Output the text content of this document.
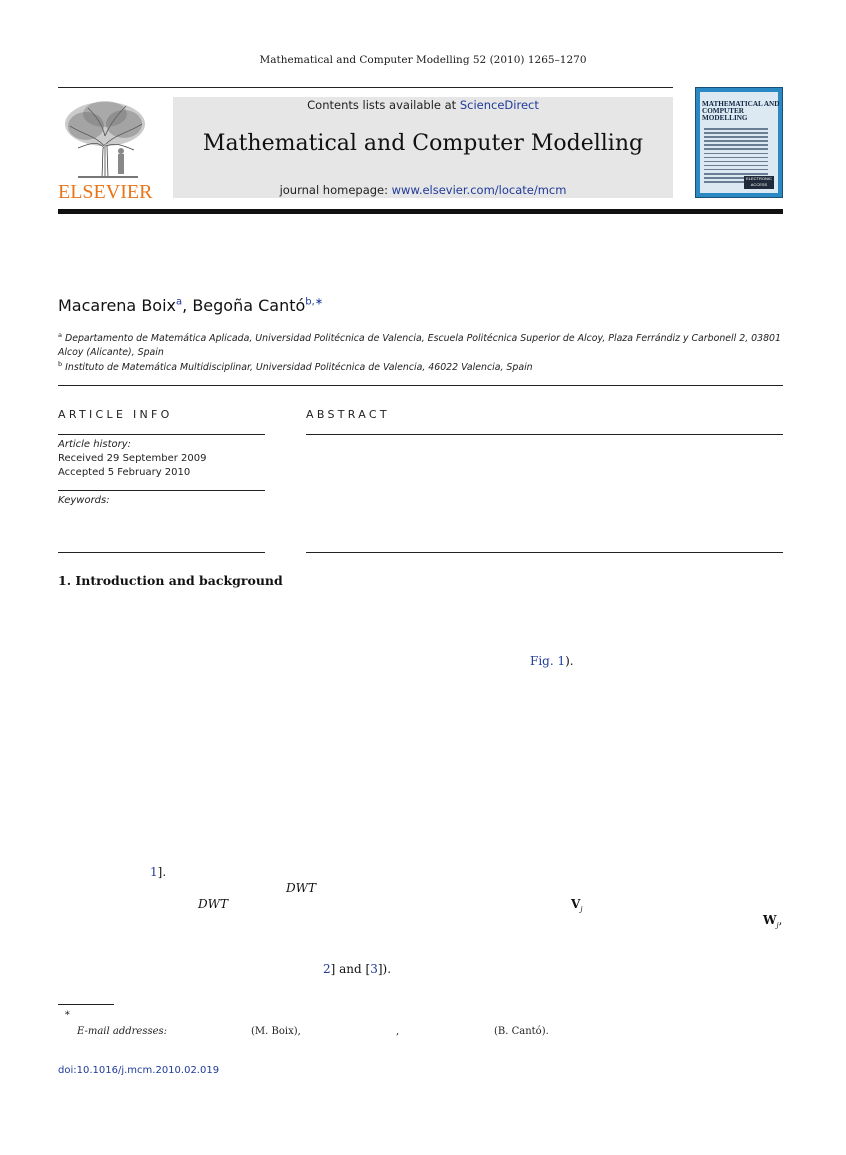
Mathematical and Computer Modelling 52 (2010) 1265–1270
ELSEVIER
Contents lists available at ScienceDirect
Mathematical and Computer Modelling
journal homepage: www.elsevier.com/locate/mcm
MATHEMATICAL AND COMPUTER MODELLING
ELECTRONIC ACCESS
Macarena Boix$^a$, Begoña Cantó$^{b,∗}$
$^a$ Departamento de Matemática Aplicada, Universidad Politécnica de Valencia, Escuela Politécnica Superior de Alcoy, Plaza Ferrándiz y Carbonell 2, 03801 Alcoy (Alicante), Spain
$^b$ Instituto de Matemática Multidisciplinar, Universidad Politécnica de Valencia, 46022 Valencia, Spain
ARTICLE INFO
Article history:
Received 29 September 2009
Accepted 5 February 2010
Keywords:
ABSTRACT
1. Introduction and background
Fig. 1).
1].
DWT
DWT	$V_j$
$W_j$,
2] and [3]).
∗
E-mail addresses:	(M. Boix),	,	(B. Cantó).
doi:10.1016/j.mcm.2010.02.019
